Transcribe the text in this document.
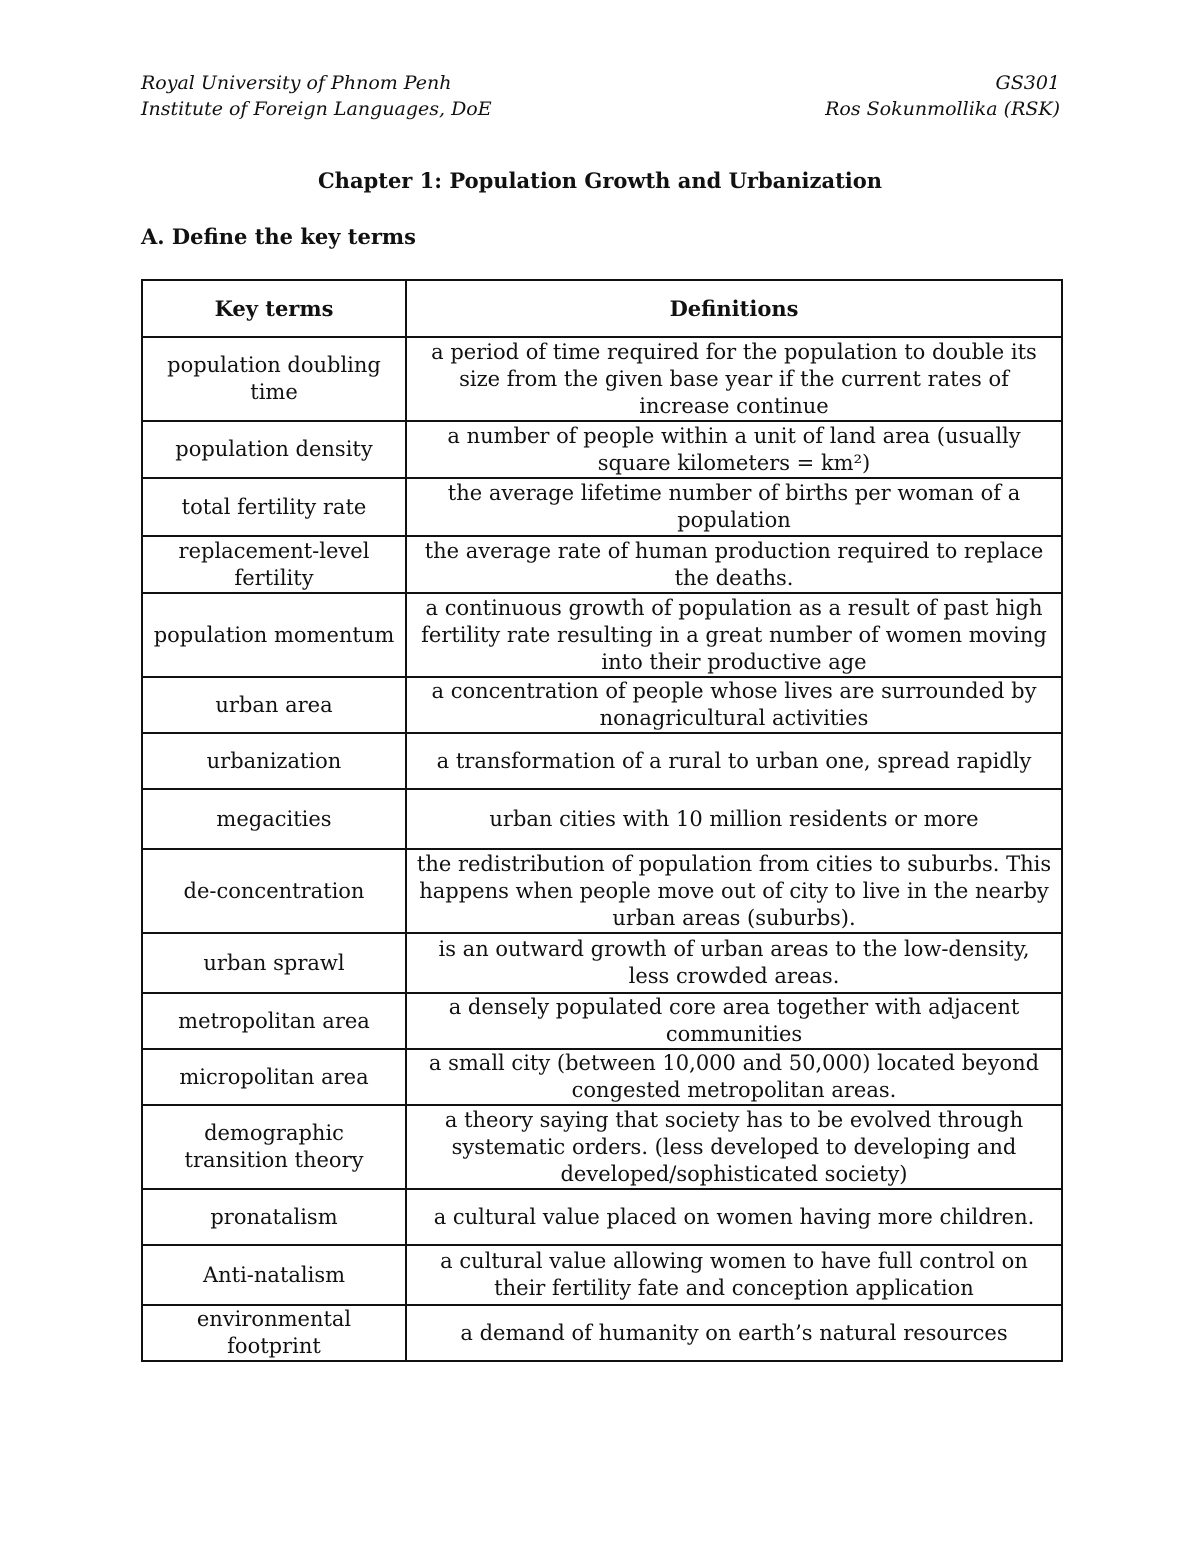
Royal University of Phnom Penh	GS301
Institute of Foreign Languages, DoE	Ros Sokunmollika (RSK)
Chapter 1: Population Growth and Urbanization
A. Define the key terms
Key terms	Definitions
population doubling time	a period of time required for the population to double its size from the given base year if the current rates of increase continue
population density	a number of people within a unit of land area (usually square kilometers = km²)
total fertility rate	the average lifetime number of births per woman of a population
replacement-level fertility	the average rate of human production required to replace the deaths.
population momentum	a continuous growth of population as a result of past high fertility rate resulting in a great number of women moving into their productive age
urban area	a concentration of people whose lives are surrounded by nonagricultural activities
urbanization	a transformation of a rural to urban one, spread rapidly
megacities	urban cities with 10 million residents or more
de-concentration	the redistribution of population from cities to suburbs. This happens when people move out of city to live in the nearby urban areas (suburbs).
urban sprawl	is an outward growth of urban areas to the low-density, less crowded areas.
metropolitan area	a densely populated core area together with adjacent communities
micropolitan area	a small city (between 10,000 and 50,000) located beyond congested metropolitan areas.
demographic transition theory	a theory saying that society has to be evolved through systematic orders. (less developed to developing and developed/sophisticated society)
pronatalism	a cultural value placed on women having more children.
Anti-natalism	a cultural value allowing women to have full control on their fertility fate and conception application
environmental footprint	a demand of humanity on earth’s natural resources
